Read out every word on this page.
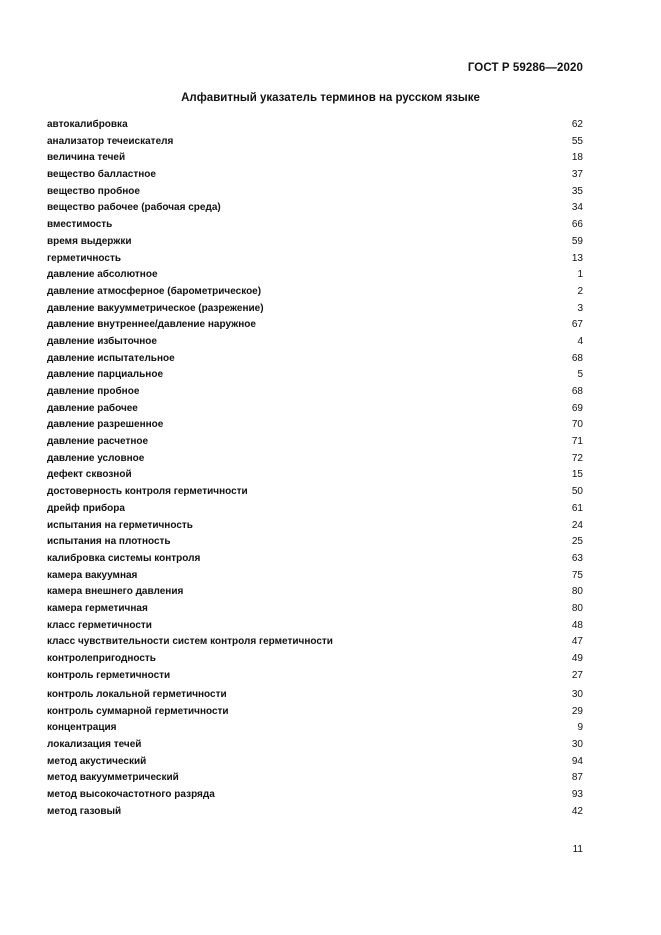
ГОСТ Р 59286—2020
Алфавитный указатель терминов на русском языке
автокалибровка	62
анализатор течеискателя	55
величина течей	18
вещество балластное	37
вещество пробное	35
вещество рабочее (рабочая среда)	34
вместимость	66
время выдержки	59
герметичность	13
давление абсолютное	1
давление атмосферное (барометрическое)	2
давление вакуумметрическое (разрежение)	3
давление внутреннее/давление наружное	67
давление избыточное	4
давление испытательное	68
давление парциальное	5
давление пробное	68
давление рабочее	69
давление разрешенное	70
давление расчетное	71
давление условное	72
дефект сквозной	15
достоверность контроля герметичности	50
дрейф прибора	61
испытания на герметичность	24
испытания на плотность	25
калибровка системы контроля	63
камера вакуумная	75
камера внешнего давления	80
камера герметичная	80
класс герметичности	48
класс чувствительности систем контроля герметичности	47
контролепригодность	49
контроль герметичности	27
контроль локальной герметичности	30
контроль суммарной герметичности	29
концентрация	9
локализация течей	30
метод акустический	94
метод вакуумметрический	87
метод высокочастотного разряда	93
метод газовый	42
11
